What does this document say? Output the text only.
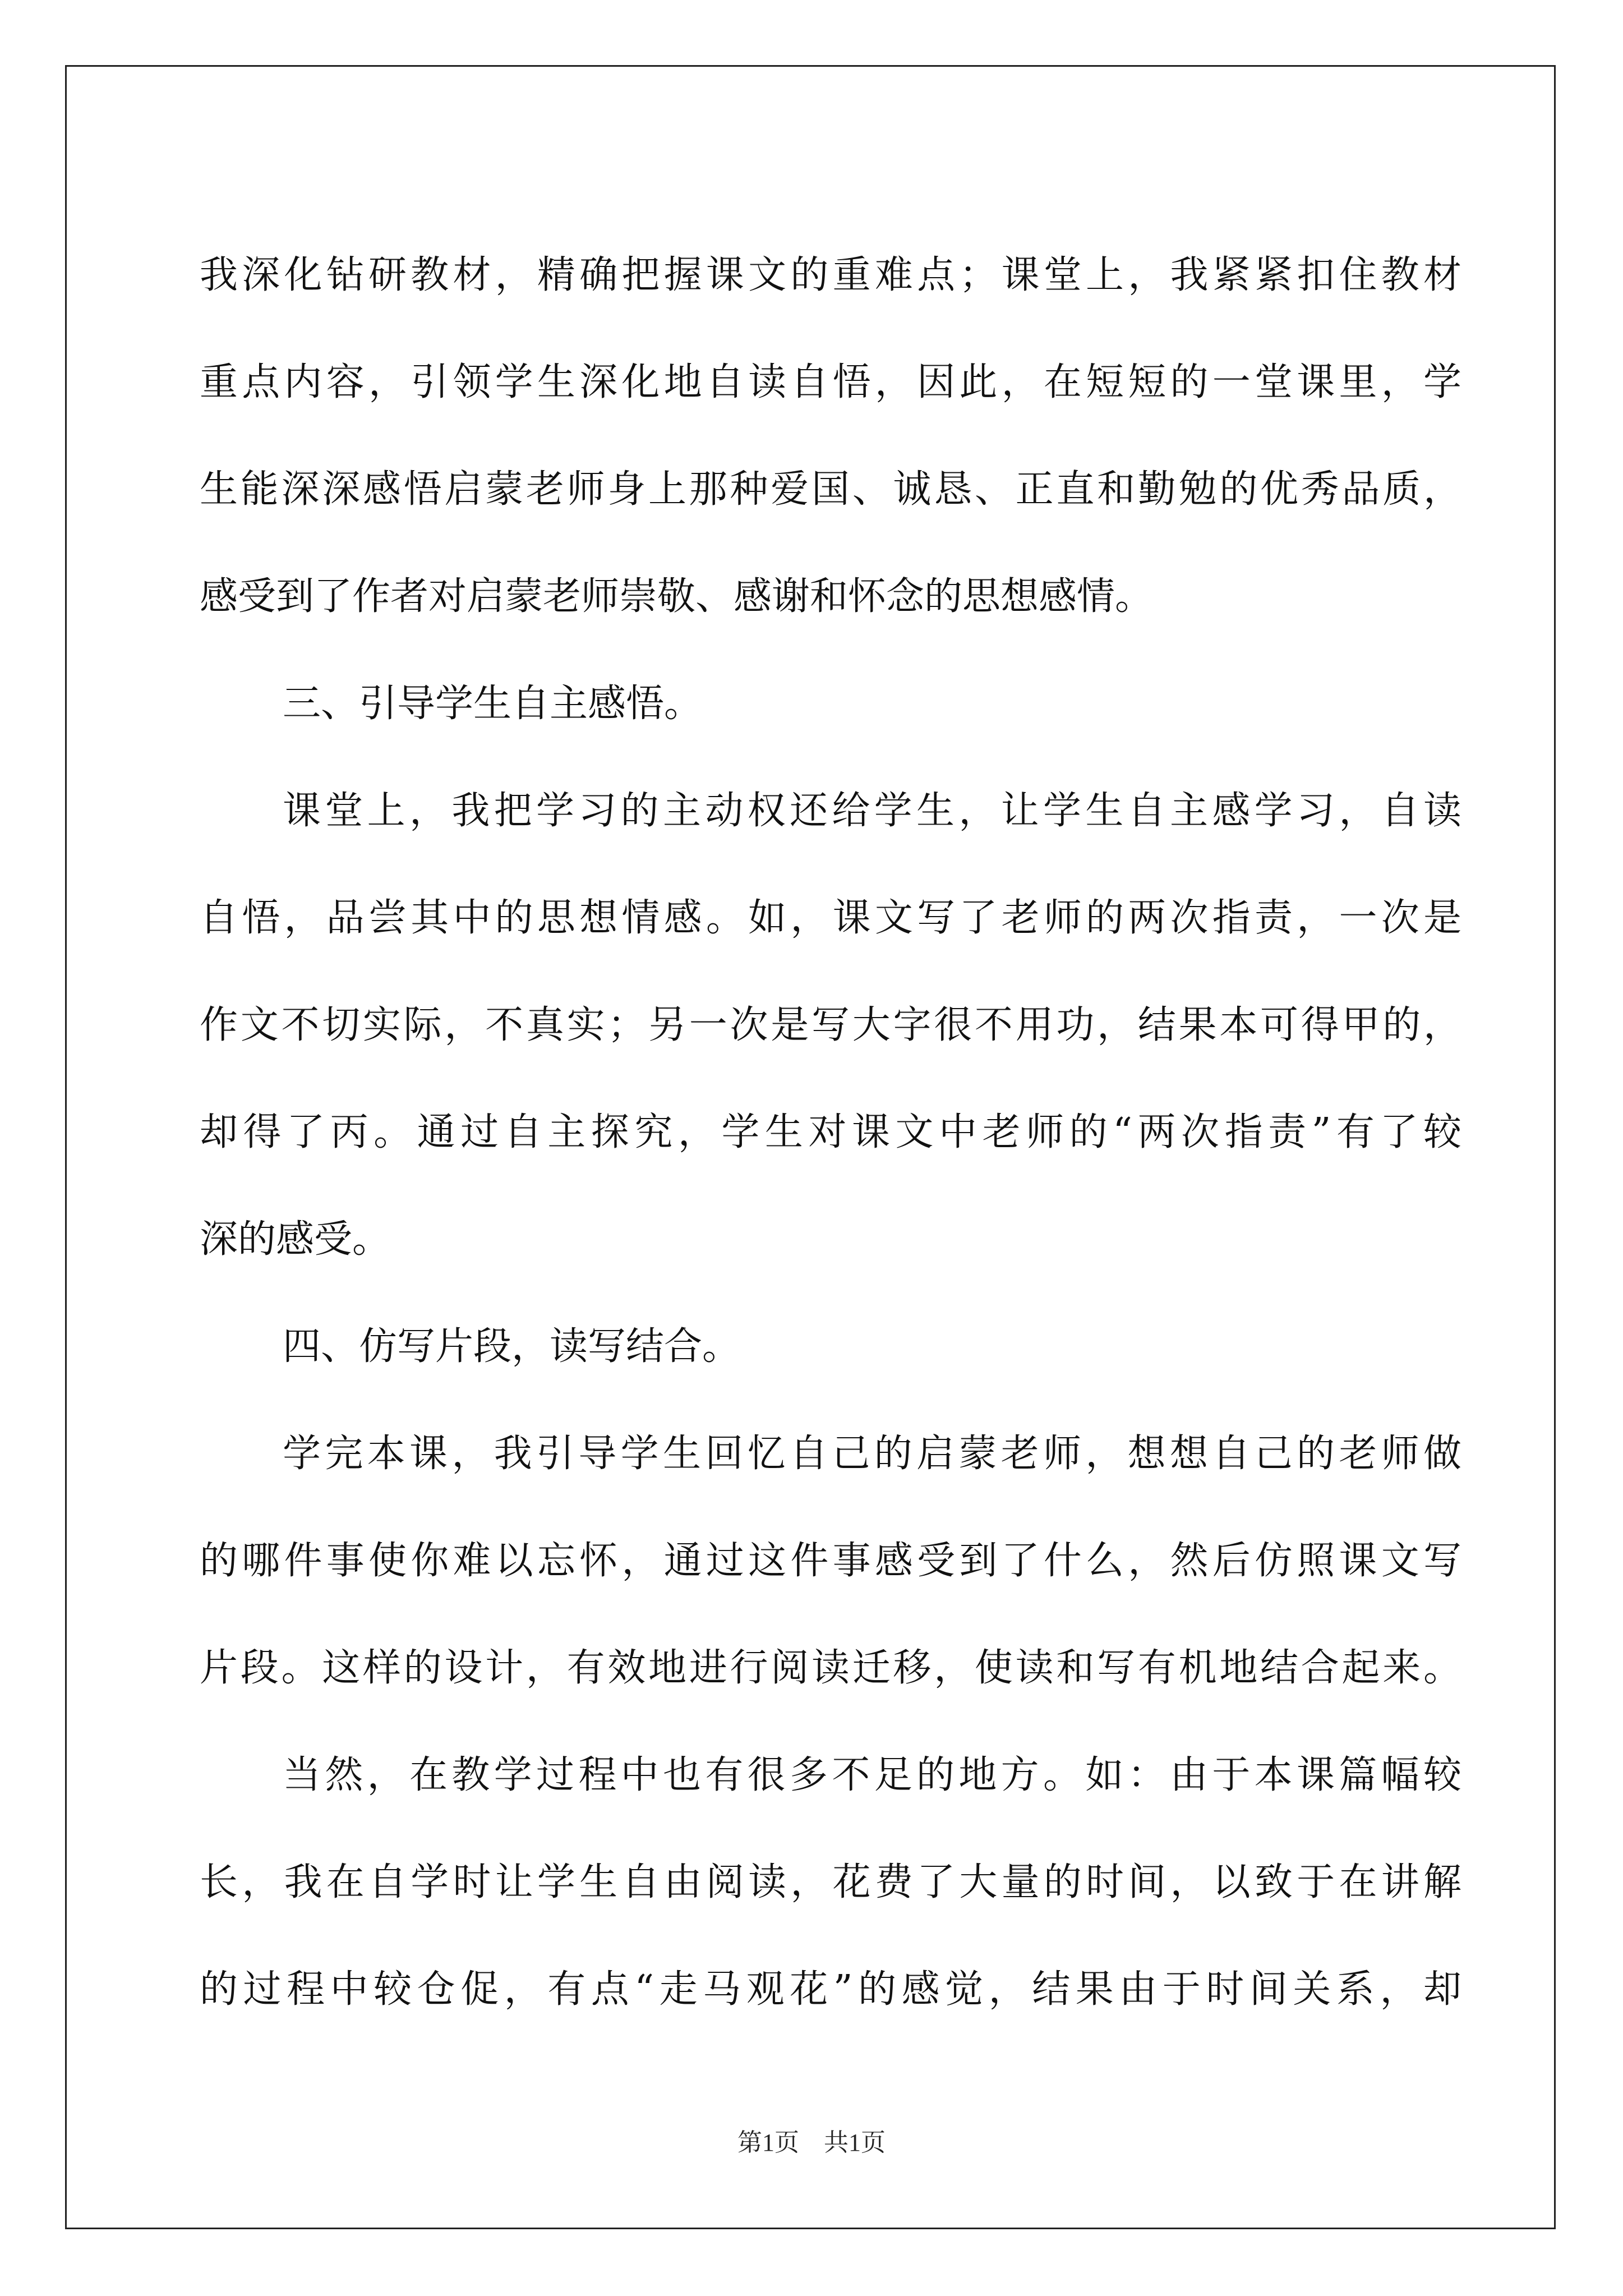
我深化钻研教材，精确把握课文的重难点；课堂上，我紧紧扣住教材
重点内容，引领学生深化地自读自悟，因此，在短短的一堂课里，学
生能深深感悟启蒙老师身上那种爱国、诚恳、正直和勤勉的优秀品质，
感受到了作者对启蒙老师崇敬、感谢和怀念的思想感情。
三、引导学生自主感悟。
课堂上，我把学习的主动权还给学生，让学生自主感学习，自读
自悟，品尝其中的思想情感。如，课文写了老师的两次指责，一次是
作文不切实际，不真实；另一次是写大字很不用功，结果本可得甲的，
却得了丙。通过自主探究，学生对课文中老师的“两次指责”有了较
深的感受。
四、仿写片段，读写结合。
学完本课，我引导学生回忆自己的启蒙老师，想想自己的老师做
的哪件事使你难以忘怀，通过这件事感受到了什么，然后仿照课文写
片段。这样的设计，有效地进行阅读迁移，使读和写有机地结合起来。
当然，在教学过程中也有很多不足的地方。如：由于本课篇幅较
长，我在自学时让学生自由阅读，花费了大量的时间，以致于在讲解
的过程中较仓促，有点“走马观花”的感觉，结果由于时间关系，却
第1页　共1页
